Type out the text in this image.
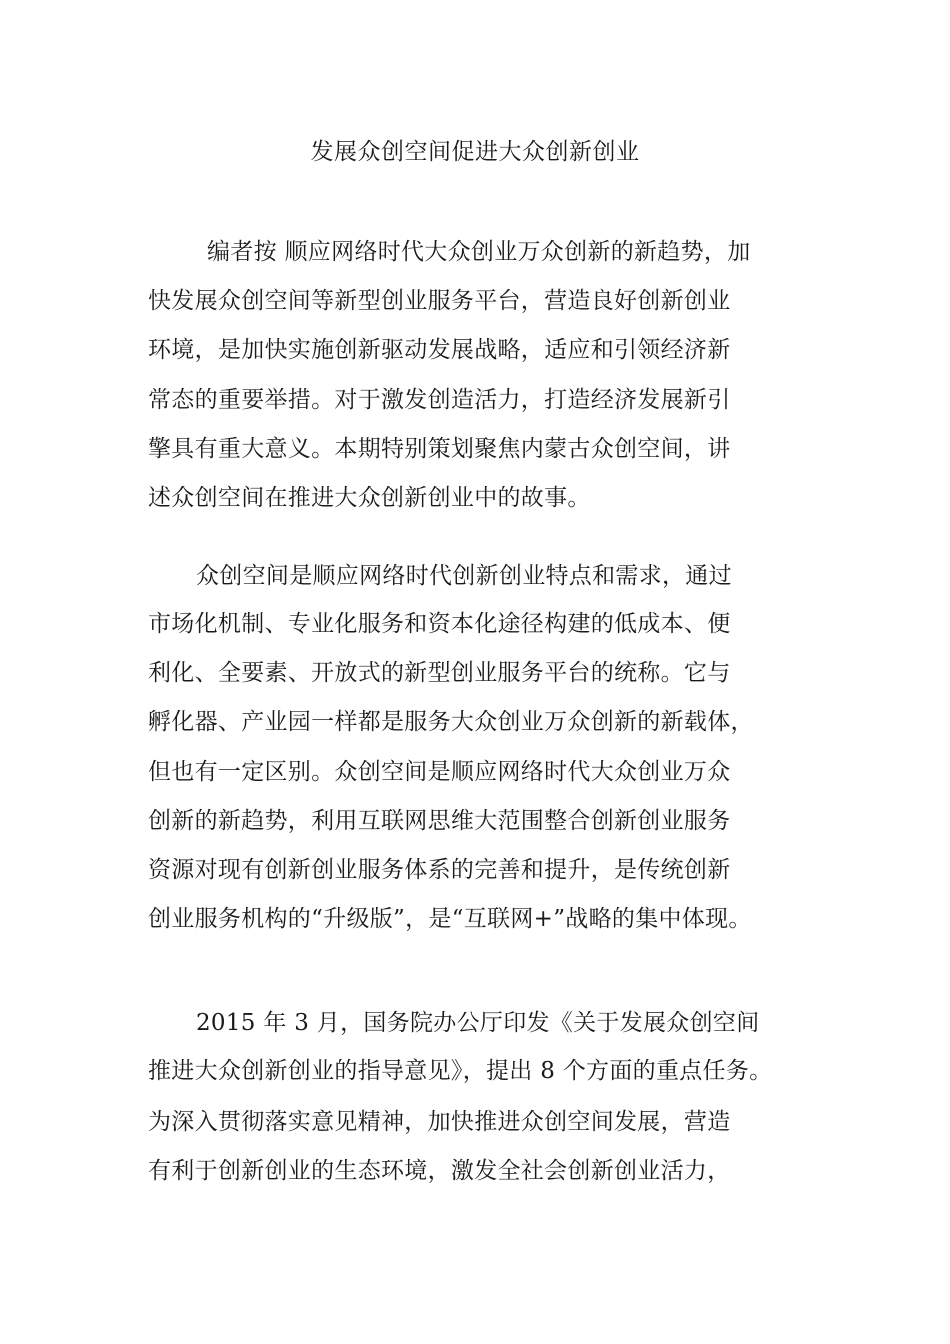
发展众创空间促进大众创新创业
编者按 顺应网络时代大众创业万众创新的新趋势，加
快发展众创空间等新型创业服务平台，营造良好创新创业
环境，是加快实施创新驱动发展战略，适应和引领经济新
常态的重要举措。对于激发创造活力，打造经济发展新引
擎具有重大意义。本期特别策划聚焦内蒙古众创空间，讲
述众创空间在推进大众创新创业中的故事。
众创空间是顺应网络时代创新创业特点和需求，通过
市场化机制、专业化服务和资本化途径构建的低成本、便
利化、全要素、开放式的新型创业服务平台的统称。它与
孵化器、产业园一样都是服务大众创业万众创新的新载体，
但也有一定区别。众创空间是顺应网络时代大众创业万众
创新的新趋势，利用互联网思维大范围整合创新创业服务
资源对现有创新创业服务体系的完善和提升，是传统创新
创业服务机构的“升级版”，是“互联网+”战略的集中体现。
2015 年 3 月，国务院办公厅印发《关于发展众创空间
推进大众创新创业的指导意见》，提出 8 个方面的重点任务。
为深入贯彻落实意见精神，加快推进众创空间发展，营造
有利于创新创业的生态环境，激发全社会创新创业活力，
